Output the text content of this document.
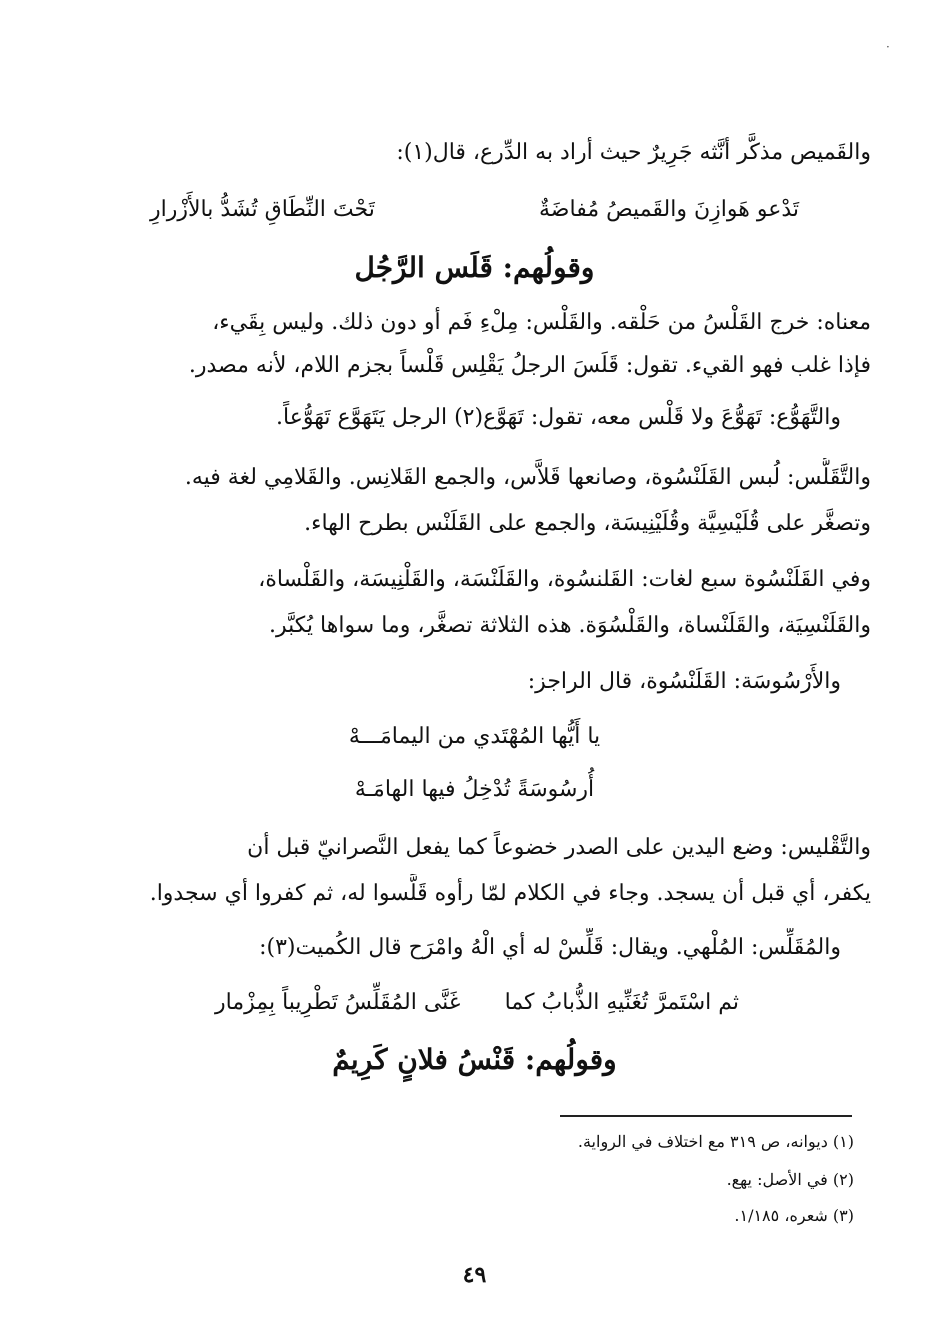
·
والقَميص مذكَّر أنَّثه جَرِيرٌ حيث أراد به الدِّرع، قال(١):
تَدْعو هَوازِنَ والقَميصُ مُفاضَةٌ
تَحْتَ النِّطَاقِ تُشَدُّ بالأَزْرارِ
وقولُهم: قَلَس الرَّجُل
معناه: خرج القَلْسُ من حَلْقه. والقَلْس: مِلْءِ فَم أو دون ذلك. وليس بِقَيء،
فإذا غلب فهو القيء. تقول: قَلَسَ الرجلُ يَقْلِس قَلْساً بجزم اللام، لأنه مصدر.
والتَّهَوُّع: تَهَوُّعَ ولا قَلْس معه، تقول: تَهَوَّع(٢) الرجل يَتَهَوَّع تَهَوُّعاً.
والتَّقَلُّس: لُبس القَلَنْسُوة، وصانعها قَلاَّس، والجمع القَلانِس. والقَلامِي لغة فيه.
وتصغَّر على قُلَيْسِيَّة وقُلَيْنِيسَة، والجمع على القَلَنْس بطرح الهاء.
وفي القَلَنْسُوة سبع لغات: القَلنسُوة، والقَلَنْسَة، والقَلْنِيسَة، والقَلْساة،
والقَلَنْسِيَة، والقَلَنْساة، والقَلْسُوَة. هذه الثلاثة تصغَّر، وما سواها يُكبَّر.
والأَرْسُوسَة: القَلَنْسُوة، قال الراجز:
يا أَيُّها المُهْتَدي من اليمامَـــهْ
أُرسُوسَةً تُدْخِلُ فيها الهامَـهْ
والتَّقْليس: وضع اليدين على الصدر خضوعاً كما يفعل النَّصرانيّ قبل أن
يكفر، أي قبل أن يسجد. وجاء في الكلام لمّا رأوه قَلَّسوا له، ثم كفروا أي سجدوا.
والمُقَلِّس: المُلْهي. ويقال: قَلِّسْ له أي الْهُ وامْرَح قال الكُميت(٣):
ثم اسْتَمرَّ تُغَنِّيهِ الذُّبابُ كما
غَنَّى المُقَلِّسُ تَطْرِيباً بِمِزْمار
وقولُهم: قَنْسُ فلانٍ كَرِيمٌ
(١) ديوانه، ص ٣١٩ مع اختلاف في الرواية.
(٢) في الأصل: يهع.
(٣) شعره، ١/١٨٥.
٤٩
